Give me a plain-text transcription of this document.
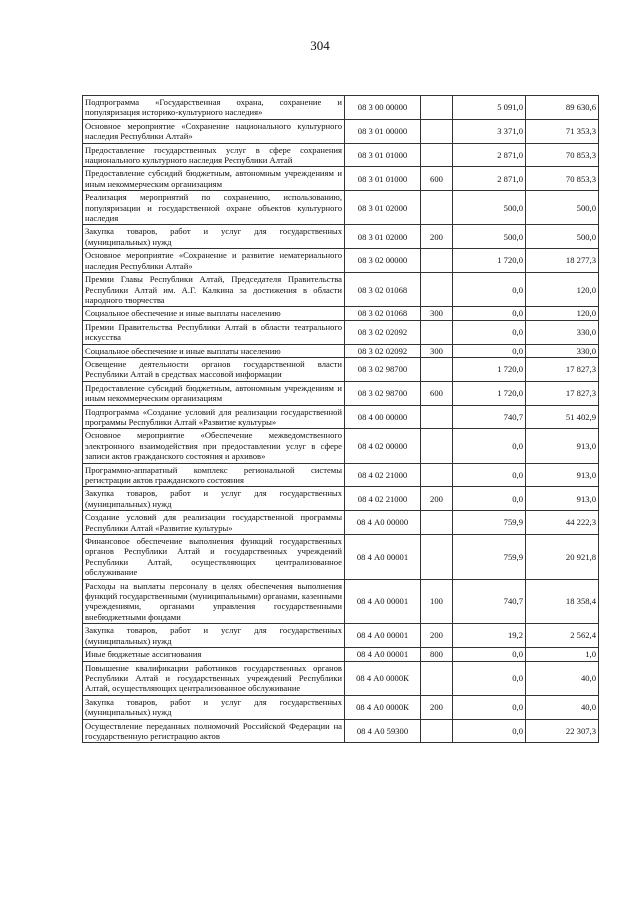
304
Подпрограмма «Государственная охрана, сохранение и популяризация историко-культурного наследия»	08 3 00 00000		5 091,0	89 630,6
Основное мероприятие «Сохранение национального культурного наследия Республики Алтай»	08 3 01 00000		3 371,0	71 353,3
Предоставление государственных услуг в сфере сохранения национального культурного наследия Республики Алтай	08 3 01 01000		2 871,0	70 853,3
Предоставление субсидий бюджетным, автономным учреждениям и иным некоммерческим организациям	08 3 01 01000	600	2 871,0	70 853,3
Реализация мероприятий по сохранению, использованию, популяризации и государственной охране объектов культурного наследия	08 3 01 02000		500,0	500,0
Закупка товаров, работ и услуг для государственных (муниципальных) нужд	08 3 01 02000	200	500,0	500,0
Основное мероприятие «Сохранение и развитие нематериального наследия Республики Алтай»	08 3 02 00000		1 720,0	18 277,3
Премии Главы Республики Алтай, Председателя Правительства Республики Алтай им. А.Г. Калкина за достижения в области народного творчества	08 3 02 01068		0,0	120,0
Социальное обеспечение и иные выплаты населению	08 3 02 01068	300	0,0	120,0
Премии Правительства Республики Алтай в области театрального искусства	08 3 02 02092		0,0	330,0
Социальное обеспечение и иные выплаты населению	08 3 02 02092	300	0,0	330,0
Освещение деятельности органов государственной власти Республики Алтай в средствах массовой информации	08 3 02 98700		1 720,0	17 827,3
Предоставление субсидий бюджетным, автономным учреждениям и иным некоммерческим организациям	08 3 02 98700	600	1 720,0	17 827,3
Подпрограмма «Создание условий для реализации государственной программы Республики Алтай «Развитие культуры»	08 4 00 00000		740,7	51 402,9
Основное мероприятие «Обеспечение межведомственного электронного взаимодействия при предоставлении услуг в сфере записи актов гражданского состояния и архивов»	08 4 02 00000		0,0	913,0
Программно-аппаратный комплекс региональной системы регистрации актов гражданского состояния	08 4 02 21000		0,0	913,0
Закупка товаров, работ и услуг для государственных (муниципальных) нужд	08 4 02 21000	200	0,0	913,0
Создание условий для реализации государственной программы Республики Алтай «Развитие культуры»	08 4 А0 00000		759,9	44 222,3
Финансовое обеспечение выполнения функций государственных органов Республики Алтай и государственных учреждений Республики Алтай, осуществляющих централизованное обслуживание	08 4 А0 00001		759,9	20 921,8
Расходы на выплаты персоналу в целях обеспечения выполнения функций государственными (муниципальными) органами, казенными учреждениями, органами управления государственными внебюджетными фондами	08 4 А0 00001	100	740,7	18 358,4
Закупка товаров, работ и услуг для государственных (муниципальных) нужд	08 4 А0 00001	200	19,2	2 562,4
Иные бюджетные ассигнования	08 4 А0 00001	800	0,0	1,0
Повышение квалификации работников государственных органов Республики Алтай и государственных учреждений Республики Алтай, осуществляющих централизованное обслуживание	08 4 А0 0000К		0,0	40,0
Закупка товаров, работ и услуг для государственных (муниципальных) нужд	08 4 А0 0000К	200	0,0	40,0
Осуществление переданных полномочий Российской Федерации на государственную регистрацию актов	08 4 А0 59300		0,0	22 307,3
